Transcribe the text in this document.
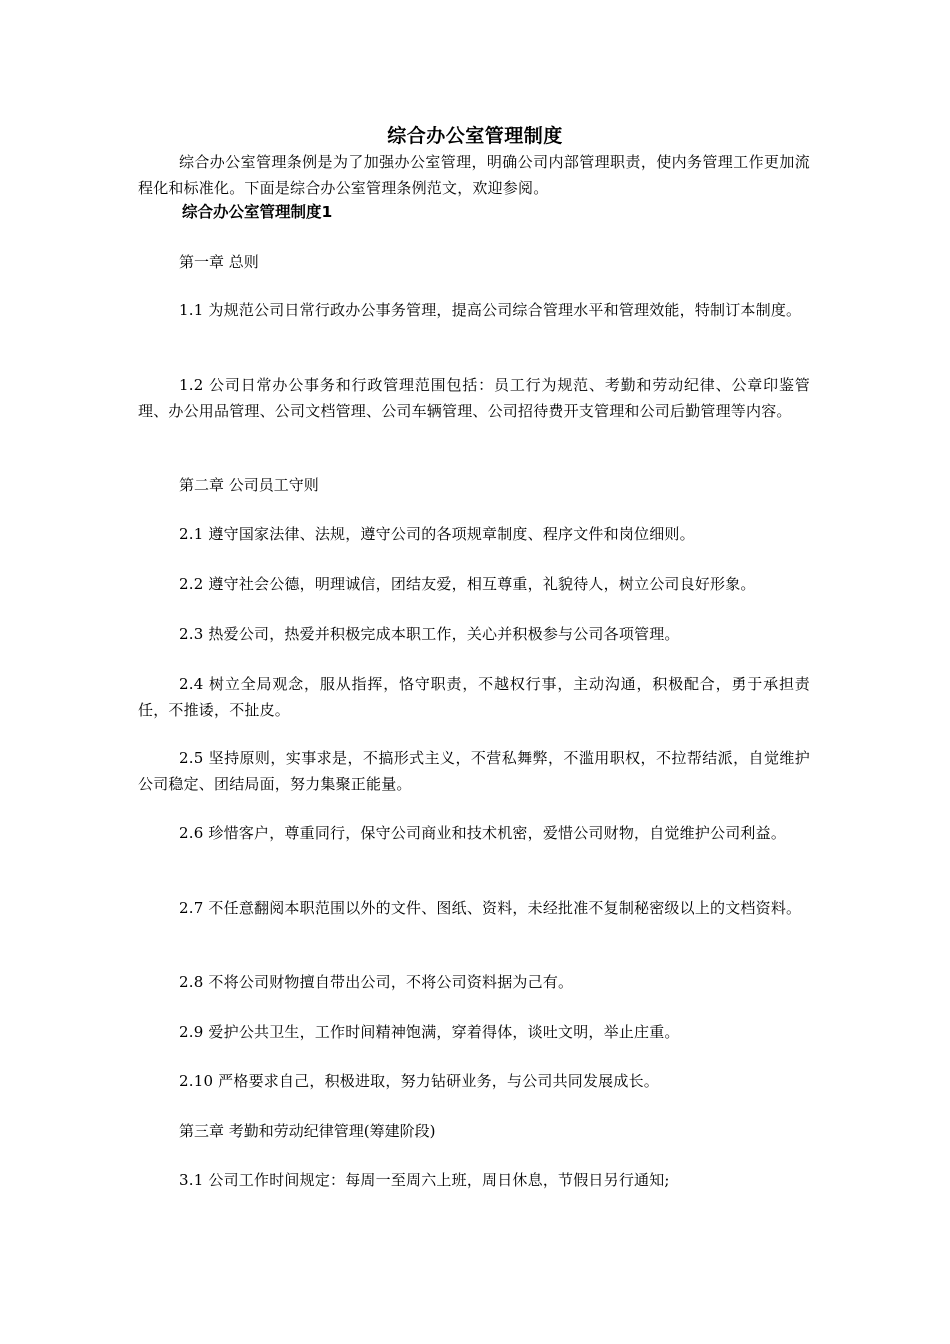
综合办公室管理制度
综合办公室管理条例是为了加强办公室管理，明确公司内部管理职责，使内务管理工作更加流程化和标准化。下面是综合办公室管理条例范文，欢迎参阅。
综合办公室管理制度1
第一章 总则
1.1 为规范公司日常行政办公事务管理，提高公司综合管理水平和管理效能，特制订本制度。
1.2 公司日常办公事务和行政管理范围包括：员工行为规范、考勤和劳动纪律、公章印鉴管理、办公用品管理、公司文档管理、公司车辆管理、公司招待费开支管理和公司后勤管理等内容。
第二章 公司员工守则
2.1 遵守国家法律、法规，遵守公司的各项规章制度、程序文件和岗位细则。
2.2 遵守社会公德，明理诚信，团结友爱，相互尊重，礼貌待人，树立公司良好形象。
2.3 热爱公司，热爱并积极完成本职工作，关心并积极参与公司各项管理。
2.4 树立全局观念，服从指挥，恪守职责，不越权行事，主动沟通，积极配合，勇于承担责任，不推诿，不扯皮。
2.5 坚持原则，实事求是，不搞形式主义，不营私舞弊，不滥用职权，不拉帮结派，自觉维护公司稳定、团结局面，努力集聚正能量。
2.6 珍惜客户，尊重同行，保守公司商业和技术机密，爱惜公司财物，自觉维护公司利益。
2.7 不任意翻阅本职范围以外的文件、图纸、资料，未经批准不复制秘密级以上的文档资料。
2.8 不将公司财物擅自带出公司，不将公司资料据为己有。
2.9 爱护公共卫生，工作时间精神饱满，穿着得体，谈吐文明，举止庄重。
2.10 严格要求自己，积极进取，努力钻研业务，与公司共同发展成长。
第三章 考勤和劳动纪律管理(筹建阶段)
3.1 公司工作时间规定：每周一至周六上班，周日休息，节假日另行通知;
